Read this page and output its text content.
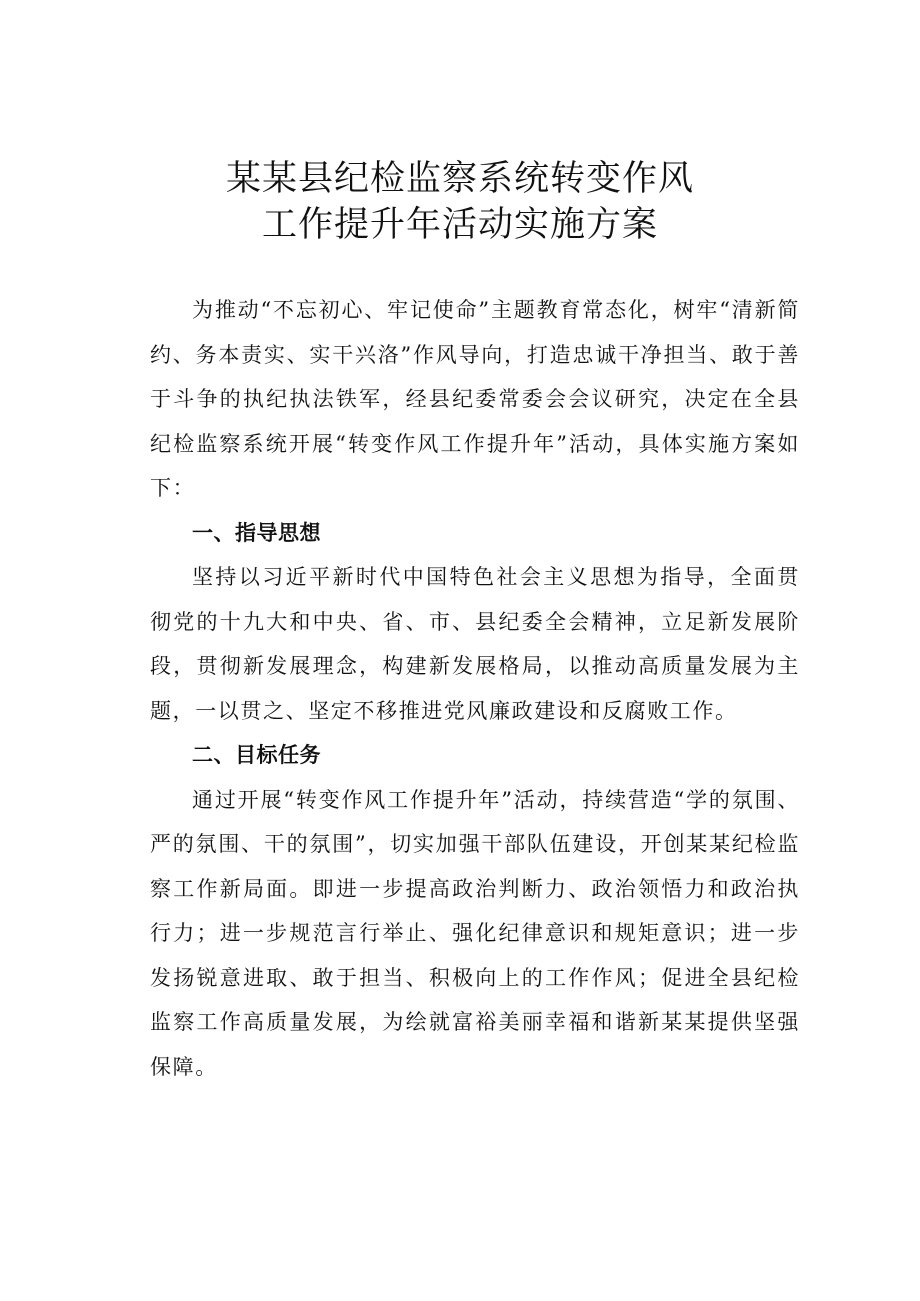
某某县纪检监察系统转变作风
工作提升年活动实施方案

为推动“不忘初心、牢记使命”主题教育常态化，树牢“清新简约、务本责实、实干兴洛”作风导向，打造忠诚干净担当、敢于善于斗争的执纪执法铁军，经县纪委常委会会议研究，决定在全县纪检监察系统开展“转变作风工作提升年”活动，具体实施方案如下：

一、指导思想

坚持以习近平新时代中国特色社会主义思想为指导，全面贯彻党的十九大和中央、省、市、县纪委全会精神，立足新发展阶段，贯彻新发展理念，构建新发展格局，以推动高质量发展为主题，一以贯之、坚定不移推进党风廉政建设和反腐败工作。

二、目标任务

通过开展“转变作风工作提升年”活动，持续营造“学的氛围、严的氛围、干的氛围”，切实加强干部队伍建设，开创某某纪检监察工作新局面。即进一步提高政治判断力、政治领悟力和政治执行力；进一步规范言行举止、强化纪律意识和规矩意识；进一步发扬锐意进取、敢于担当、积极向上的工作作风；促进全县纪检监察工作高质量发展，为绘就富裕美丽幸福和谐新某某提供坚强保障。
